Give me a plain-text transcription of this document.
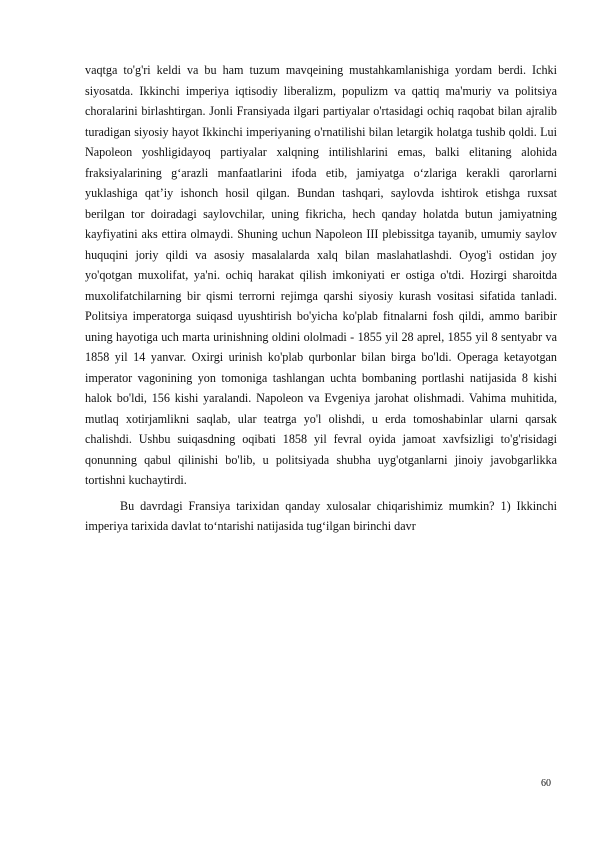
vaqtga to'g'ri keldi va bu ham tuzum mavqeining mustahkamlanishiga yordam berdi. Ichki siyosatda. Ikkinchi imperiya iqtisodiy liberalizm, populizm va qattiq ma'muriy va politsiya choralarini birlashtirgan. Jonli Fransiyada ilgari partiyalar o'rtasidagi ochiq raqobat bilan ajralib turadigan siyosiy hayot Ikkinchi imperiyaning o'rnatilishi bilan letargik holatga tushib qoldi. Lui Napoleon yoshligidayoq partiyalar xalqning intilishlarini emas, balki elitaning alohida fraksiyalarining g‘arazli manfaatlarini ifoda etib, jamiyatga o‘zlariga kerakli qarorlarni yuklashiga qat’iy ishonch hosil qilgan. Bundan tashqari, saylovda ishtirok etishga ruxsat berilgan tor doiradagi saylovchilar, uning fikricha, hech qanday holatda butun jamiyatning kayfiyatini aks ettira olmaydi. Shuning uchun Napoleon III plebissitga tayanib, umumiy saylov huquqini joriy qildi va asosiy masalalarda xalq bilan maslahatlashdi. Oyog'i ostidan joy yo'qotgan muxolifat, ya'ni. ochiq harakat qilish imkoniyati er ostiga o'tdi. Hozirgi sharoitda muxolifatchilarning bir qismi terrorni rejimga qarshi siyosiy kurash vositasi sifatida tanladi. Politsiya imperatorga suiqasd uyushtirish bo'yicha ko'plab fitnalarni fosh qildi, ammo baribir uning hayotiga uch marta urinishning oldini ololmadi - 1855 yil 28 aprel, 1855 yil 8 sentyabr va 1858 yil 14 yanvar. Oxirgi urinish ko'plab qurbonlar bilan birga bo'ldi. Operaga ketayotgan imperator vagonining yon tomoniga tashlangan uchta bombaning portlashi natijasida 8 kishi halok bo'ldi, 156 kishi yaralandi. Napoleon va Evgeniya jarohat olishmadi. Vahima muhitida, mutlaq xotirjamlikni saqlab, ular teatrga yo'l olishdi, u erda tomoshabinlar ularni qarsak chalishdi. Ushbu suiqasdning oqibati 1858 yil fevral oyida jamoat xavfsizligi to'g'risidagi qonunning qabul qilinishi bo'lib, u politsiyada shubha uyg'otganlarni jinoiy javobgarlikka tortishni kuchaytirdi.

Bu davrdagi Fransiya tarixidan qanday xulosalar chiqarishimiz mumkin? 1) Ikkinchi imperiya tarixida davlat to‘ntarishi natijasida tug‘ilgan birinchi davr

60
